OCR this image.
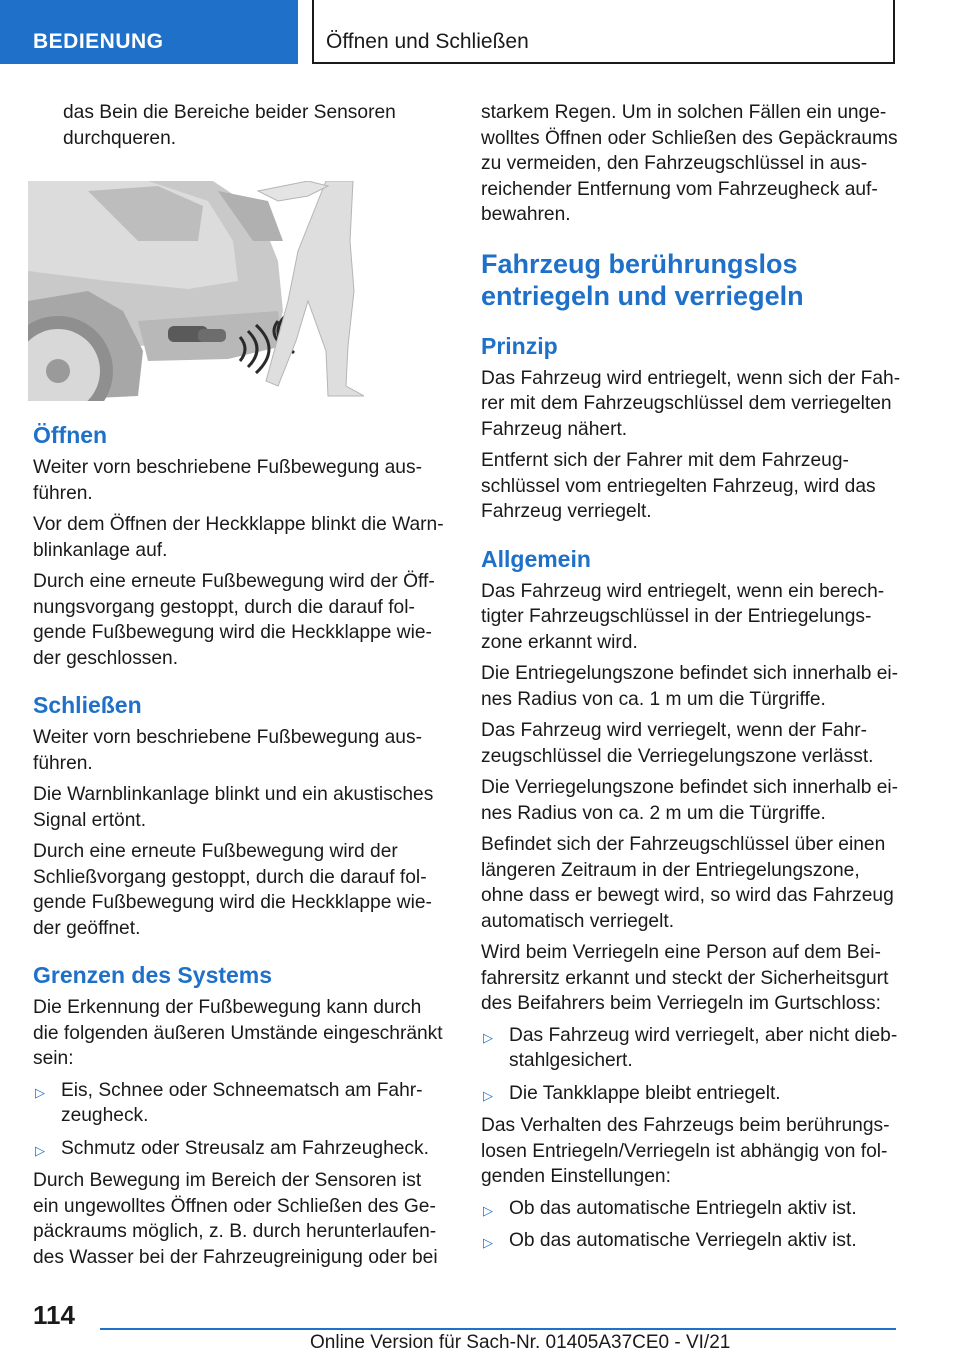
BEDIENUNG	Öffnen und Schließen

das Bein die Bereiche beider Sensoren durchqueren.

Öffnen

Weiter vorn beschriebene Fußbewegung ausführen.

Vor dem Öffnen der Heckklappe blinkt die Warnblinkanlage auf.

Durch eine erneute Fußbewegung wird der Öffnungsvorgang gestoppt, durch die darauf folgende Fußbewegung wird die Heckklappe wieder geschlossen.

Schließen

Weiter vorn beschriebene Fußbewegung ausführen.

Die Warnblinkanlage blinkt und ein akustisches Signal ertönt.

Durch eine erneute Fußbewegung wird der Schließvorgang gestoppt, durch die darauf folgende Fußbewegung wird die Heckklappe wieder geöffnet.

Grenzen des Systems

Die Erkennung der Fußbewegung kann durch die folgenden äußeren Umstände eingeschränkt sein:

▷ Eis, Schnee oder Schneematsch am Fahrzeugheck.
▷ Schmutz oder Streusalz am Fahrzeugheck.

Durch Bewegung im Bereich der Sensoren ist ein ungewolltes Öffnen oder Schließen des Gepäckraums möglich, z. B. durch herunterlaufendes Wasser bei der Fahrzeugreinigung oder bei

starkem Regen. Um in solchen Fällen ein ungewolltes Öffnen oder Schließen des Gepäckraums zu vermeiden, den Fahrzeugschlüssel in ausreichender Entfernung vom Fahrzeugheck aufbewahren.

Fahrzeug berührungslos entriegeln und verriegeln
Prinzip

Das Fahrzeug wird entriegelt, wenn sich der Fahrer mit dem Fahrzeugschlüssel dem verriegelten Fahrzeug nähert.

Entfernt sich der Fahrer mit dem Fahrzeugschlüssel vom entriegelten Fahrzeug, wird das Fahrzeug verriegelt.

Allgemein

Das Fahrzeug wird entriegelt, wenn ein berechtigter Fahrzeugschlüssel in der Entriegelungszone erkannt wird.

Die Entriegelungszone befindet sich innerhalb eines Radius von ca. 1 m um die Türgriffe.

Das Fahrzeug wird verriegelt, wenn der Fahrzeugschlüssel die Verriegelungszone verlässt.

Die Verriegelungszone befindet sich innerhalb eines Radius von ca. 2 m um die Türgriffe.

Befindet sich der Fahrzeugschlüssel über einen längeren Zeitraum in der Entriegelungszone, ohne dass er bewegt wird, so wird das Fahrzeug automatisch verriegelt.

Wird beim Verriegeln eine Person auf dem Beifahrersitz erkannt und steckt der Sicherheitsgurt des Beifahrers beim Verriegeln im Gurtschloss:

▷ Das Fahrzeug wird verriegelt, aber nicht diebstahlgesichert.
▷ Die Tankklappe bleibt entriegelt.

Das Verhalten des Fahrzeugs beim berührungslosen Entriegeln/Verriegeln ist abhängig von folgenden Einstellungen:

▷ Ob das automatische Entriegeln aktiv ist.
▷ Ob das automatische Verriegeln aktiv ist.
114
Online Version für Sach-Nr. 01405A37CE0 - VI/21
